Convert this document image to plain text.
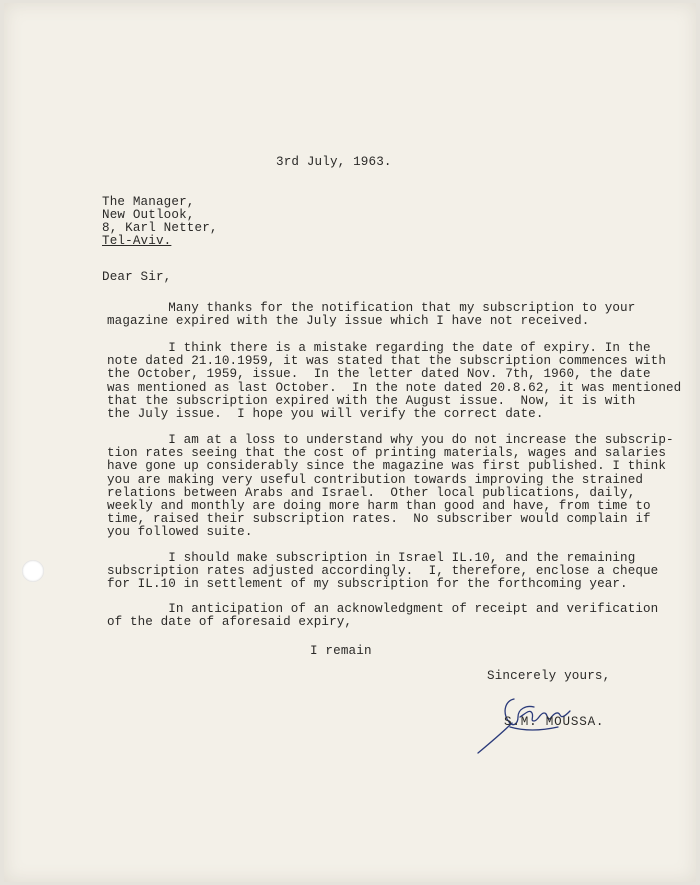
3rd July, 1963.
The Manager,
New Outlook,
8, Karl Netter,
Tel-Aviv.
Dear Sir,
Many thanks for the notification that my subscription to your
magazine expired with the July issue which I have not received.
I think there is a mistake regarding the date of expiry. In the
note dated 21.10.1959, it was stated that the subscription commences with
the October, 1959, issue.  In the letter dated Nov. 7th, 1960, the date
was mentioned as last October.  In the note dated 20.8.62, it was mentioned
that the subscription expired with the August issue.  Now, it is with
the July issue.  I hope you will verify the correct date.
I am at a loss to understand why you do not increase the subscrip-
tion rates seeing that the cost of printing materials, wages and salaries
have gone up considerably since the magazine was first published. I think
you are making very useful contribution towards improving the strained
relations between Arabs and Israel.  Other local publications, daily,
weekly and monthly are doing more harm than good and have, from time to
time, raised their subscription rates.  No subscriber would complain if
you followed suite.
I should make subscription in Israel IL.10, and the remaining
subscription rates adjusted accordingly.  I, therefore, enclose a cheque
for IL.10 in settlement of my subscription for the forthcoming year.
In anticipation of an acknowledgment of receipt and verification
of the date of aforesaid expiry,
I remain
Sincerely yours,
S.M. MOUSSA.
